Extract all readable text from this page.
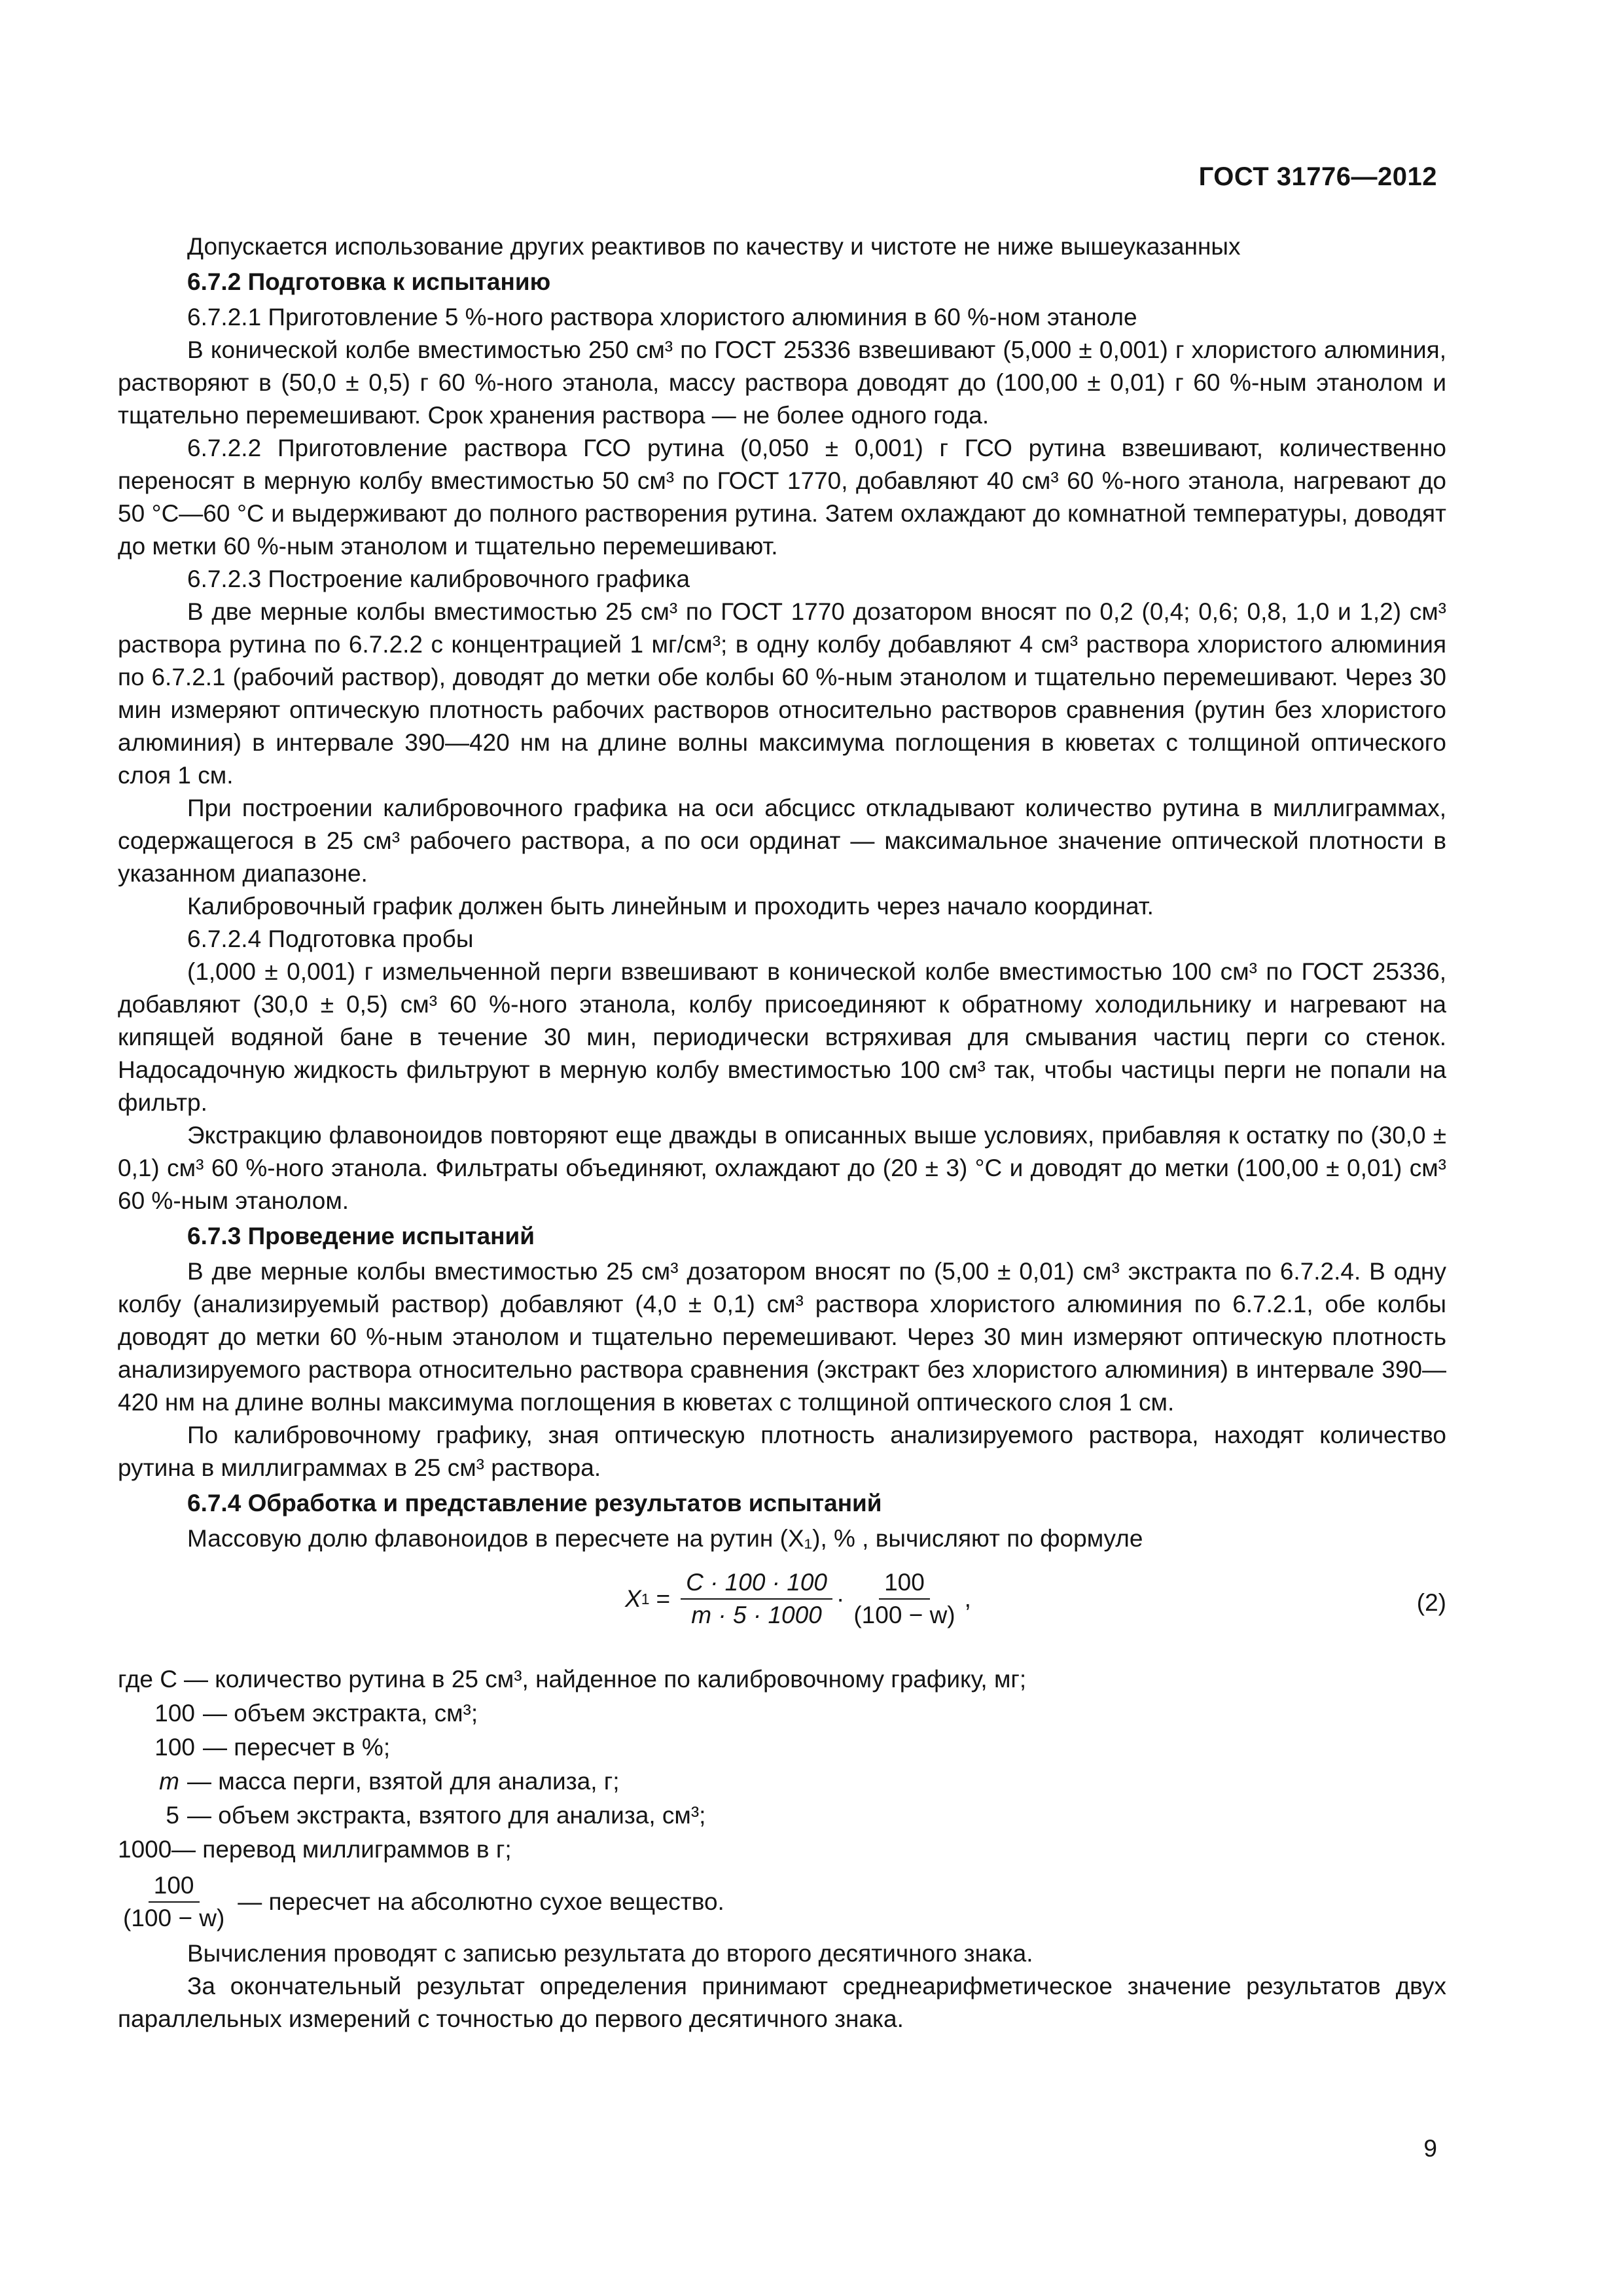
ГОСТ 31776—2012

Допускается использование других реактивов по качеству и чистоте не ниже вышеуказанных

6.7.2 Подготовка к испытанию

6.7.2.1 Приготовление 5 %-ного раствора хлористого алюминия в 60 %-ном этаноле

В конической колбе вместимостью 250 см³ по ГОСТ 25336 взвешивают (5,000 ± 0,001) г хлористого алюминия, растворяют в (50,0 ± 0,5) г 60 %-ного этанола, массу раствора доводят до (100,00 ± 0,01) г 60 %-ным этанолом и тщательно перемешивают. Срок хранения раствора — не более одного года.

6.7.2.2 Приготовление раствора ГСО рутина (0,050 ± 0,001) г ГСО рутина взвешивают, количественно переносят в мерную колбу вместимостью 50 см³ по ГОСТ 1770, добавляют 40 см³ 60 %-ного этанола, нагревают до 50 °С—60 °С и выдерживают до полного растворения рутина. Затем охлаждают до комнатной температуры, доводят до метки 60 %-ным этанолом и тщательно перемешивают.

6.7.2.3 Построение калибровочного графика

В две мерные колбы вместимостью 25 см³ по ГОСТ 1770 дозатором вносят по 0,2 (0,4; 0,6; 0,8, 1,0 и 1,2) см³ раствора рутина по 6.7.2.2 с концентрацией 1 мг/см³; в одну колбу добавляют 4 см³ раствора хлористого алюминия по 6.7.2.1 (рабочий раствор), доводят до метки обе колбы 60 %-ным этанолом и тщательно перемешивают. Через 30 мин измеряют оптическую плотность рабочих растворов относительно растворов сравнения (рутин без хлористого алюминия) в интервале 390—420 нм на длине волны максимума поглощения в кюветах с толщиной оптического слоя 1 см.

При построении калибровочного графика на оси абсцисс откладывают количество рутина в миллиграммах, содержащегося в 25 см³ рабочего раствора, а по оси ординат — максимальное значение оптической плотности в указанном диапазоне.

Калибровочный график должен быть линейным и проходить через начало координат.

6.7.2.4 Подготовка пробы

(1,000 ± 0,001) г измельченной перги взвешивают в конической колбе вместимостью 100 см³ по ГОСТ 25336, добавляют (30,0 ± 0,5) см³ 60 %-ного этанола, колбу присоединяют к обратному холодильнику и нагревают на кипящей водяной бане в течение 30 мин, периодически встряхивая для смывания частиц перги со стенок. Надосадочную жидкость фильтруют в мерную колбу вместимостью 100 см³ так, чтобы частицы перги не попали на фильтр.

Экстракцию флавоноидов повторяют еще дважды в описанных выше условиях, прибавляя к остатку по (30,0 ± 0,1) см³ 60 %-ного этанола. Фильтраты объединяют, охлаждают до (20 ± 3) °С и доводят до метки (100,00 ± 0,01) см³ 60 %-ным этанолом.

6.7.3 Проведение испытаний

В две мерные колбы вместимостью 25 см³ дозатором вносят по (5,00 ± 0,01) см³ экстракта по 6.7.2.4. В одну колбу (анализируемый раствор) добавляют (4,0 ± 0,1) см³ раствора хлористого алюминия по 6.7.2.1, обе колбы доводят до метки 60 %-ным этанолом и тщательно перемешивают. Через 30 мин измеряют оптическую плотность анализируемого раствора относительно раствора сравнения (экстракт без хлористого алюминия) в интервале 390—420 нм на длине волны максимума поглощения в кюветах с толщиной оптического слоя 1 см.

По калибровочному графику, зная оптическую плотность анализируемого раствора, находят количество рутина в миллиграммах в 25 см³ раствора.

6.7.4 Обработка и представление результатов испытаний

Массовую долю флавоноидов в пересчете на рутин (X₁), % , вычисляют по формуле

X $1 = \frac{C \cdot 100 \cdot 100}{m \cdot 5 \cdot 1000} \cdot \frac{100}{(100 - w)}$ ,	(2)
где C — количество рутина в 25 см³, найденное по калибровочному графику, мг;
100 — объем экстракта, см³;
100 — пересчет в %;
m — масса перги, взятой для анализа, г;
5 — объем экстракта, взятого для анализа, см³;
1000 — перевод миллиграммов в г;
$\frac{100}{(100 - w)}$ — пересчет на абсолютно сухое вещество.

Вычисления проводят с записью результата до второго десятичного знака.

За окончательный результат определения принимают среднеарифметическое значение результатов двух параллельных измерений с точностью до первого десятичного знака.

9
